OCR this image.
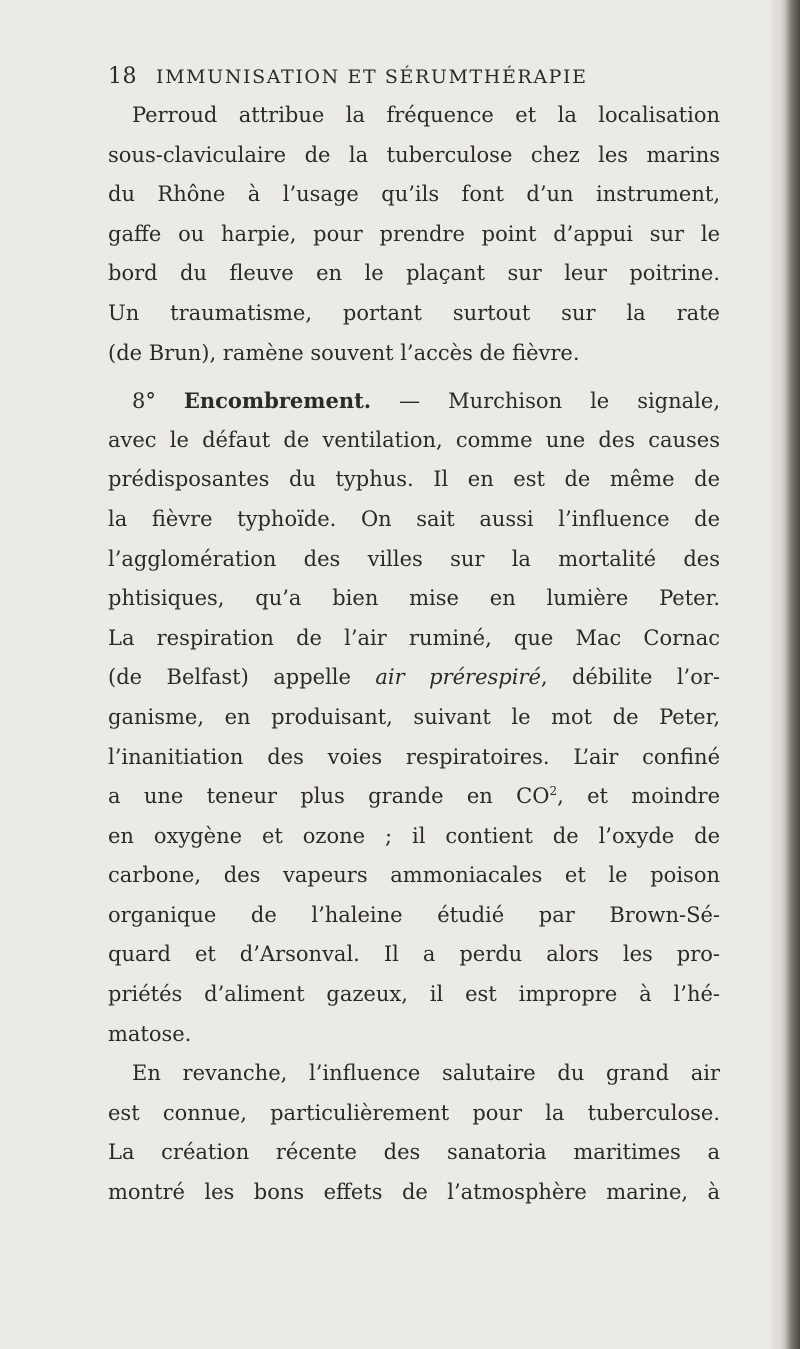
18 IMMUNISATION ET SÉRUMTHÉRAPIE
Perroud attribue la fréquence et la localisation
sous-claviculaire de la tuberculose chez les marins
du Rhône à l’usage qu’ils font d’un instrument,
gaffe ou harpie, pour prendre point d’appui sur le
bord du fleuve en le plaçant sur leur poitrine.
Un traumatisme, portant surtout sur la rate
(de Brun), ramène souvent l’accès de fièvre.
8° Encombrement. — Murchison le signale,
avec le défaut de ventilation, comme une des causes
prédisposantes du typhus. Il en est de même de
la fièvre typhoïde. On sait aussi l’influence de
l’agglomération des villes sur la mortalité des
phtisiques, qu’a bien mise en lumière Peter.
La respiration de l’air ruminé, que Mac Cornac
(de Belfast) appelle air prérespiré, débilite l’or-
ganisme, en produisant, suivant le mot de Peter,
l’inanitiation des voies respiratoires. L’air confiné
a une teneur plus grande en $CO^2$, et moindre
en oxygène et ozone ; il contient de l’oxyde de
carbone, des vapeurs ammoniacales et le poison
organique de l’haleine étudié par Brown-Sé-
quard et d’Arsonval. Il a perdu alors les pro-
priétés d’aliment gazeux, il est impropre à l’hé-
matose.
En revanche, l’influence salutaire du grand air
est connue, particulièrement pour la tuberculose.
La création récente des sanatoria maritimes a
montré les bons effets de l’atmosphère marine, à
